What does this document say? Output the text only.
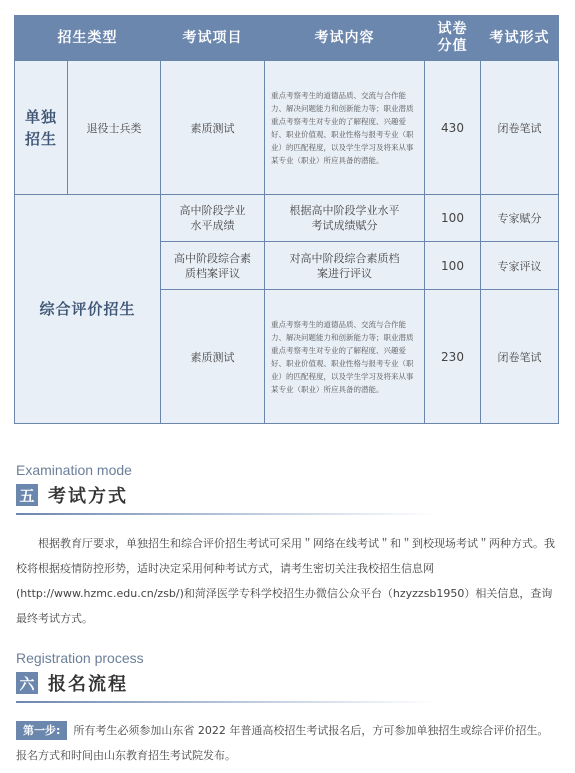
招生类型		考试项目	考试内容	试卷分值	考试形式
单独招生	退役士兵类	素质测试	重点考察考生的道德品质、交流与合作能力、解决问题能力和创新能力等；职业潜质重点考察考生对专业的了解程度、兴趣爱好、职业价值观、职业性格与报考专业（职业）的匹配程度，以及学生学习及将来从事某专业（职业）所应具备的潜能。	430	闭卷笔试
综合评价招生		高中阶段学业水平成绩	根据高中阶段学业水平考试成绩赋分	100	专家赋分
		高中阶段综合素质档案评议	对高中阶段综合素质档案进行评议	100	专家评议
		素质测试	重点考察考生的道德品质、交流与合作能力、解决问题能力和创新能力等；职业潜质重点考察考生对专业的了解程度、兴趣爱好、职业价值观、职业性格与报考专业（职业）的匹配程度，以及学生学习及将来从事某专业（职业）所应具备的潜能。	230	闭卷笔试
Examination mode
五 考试方式
根据教育厅要求，单独招生和综合评价招生考试可采用＂网络在线考试＂和＂到校现场考试＂两种方式。我校将根据疫情防控形势，适时决定采用何种考试方式，请考生密切关注我校招生信息网(http://www.hzmc.edu.cn/zsb/)和菏泽医学专科学校招生办微信公众平台（hzyzzsb1950）相关信息，查询最终考试方式。
Registration process
六 报名流程
第一步: 所有考生必须参加山东省 2022 年普通高校招生考试报名后，方可参加单独招生或综合评价招生。报名方式和时间由山东教育招生考试院发布。
